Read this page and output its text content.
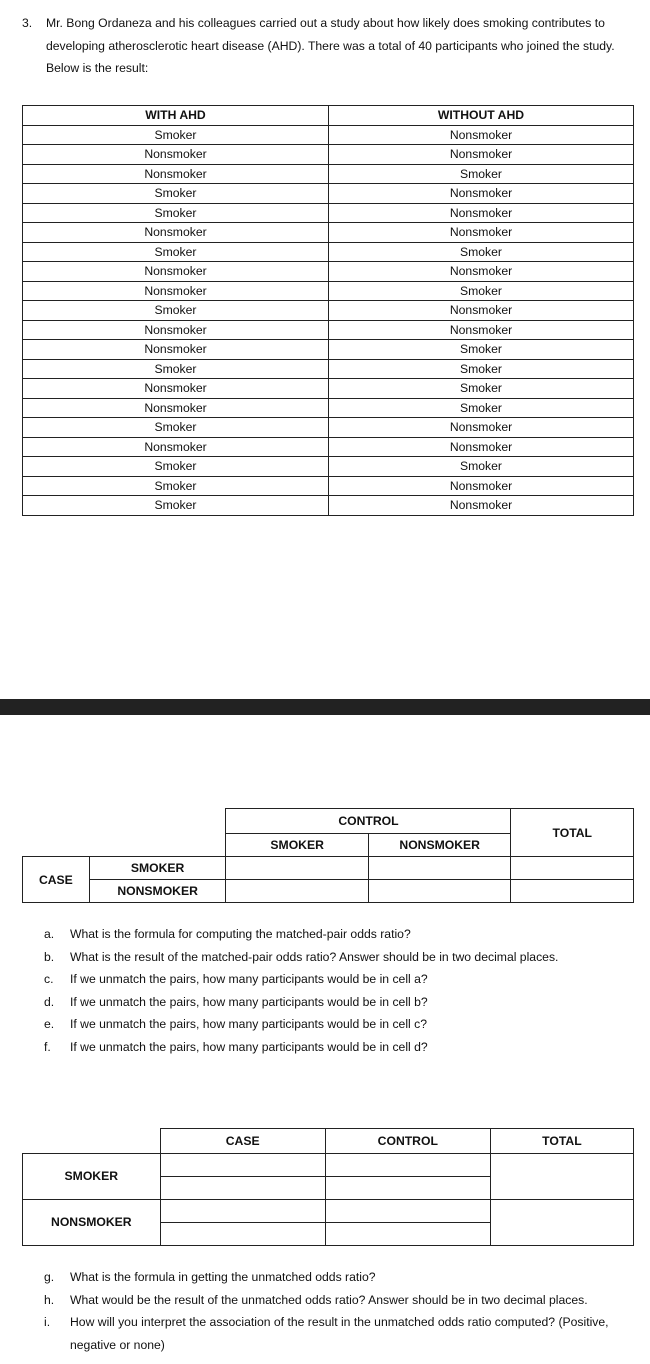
3. Mr. Bong Ordaneza and his colleagues carried out a study about how likely does smoking contributes to developing atherosclerotic heart disease (AHD). There was a total of 40 participants who joined the study. Below is the result:
WITH AHD	WITHOUT AHD
Smoker	Nonsmoker
Nonsmoker	Nonsmoker
Nonsmoker	Smoker
Smoker	Nonsmoker
Smoker	Nonsmoker
Nonsmoker	Nonsmoker
Smoker	Smoker
Nonsmoker	Nonsmoker
Nonsmoker	Smoker
Smoker	Nonsmoker
Nonsmoker	Nonsmoker
Nonsmoker	Smoker
Smoker	Smoker
Nonsmoker	Smoker
Nonsmoker	Smoker
Smoker	Nonsmoker
Nonsmoker	Nonsmoker
Smoker	Smoker
Smoker	Nonsmoker
Smoker	Nonsmoker
		CONTROL		TOTAL
		SMOKER	NONSMOKER	
CASE	SMOKER			
	NONSMOKER			
a. What is the formula for computing the matched-pair odds ratio?
b. What is the result of the matched-pair odds ratio? Answer should be in two decimal places.
c. If we unmatch the pairs, how many participants would be in cell a?
d. If we unmatch the pairs, how many participants would be in cell b?
e. If we unmatch the pairs, how many participants would be in cell c?
f. If we unmatch the pairs, how many participants would be in cell d?
	CASE	CONTROL	TOTAL
SMOKER			

NONSMOKER			

g. What is the formula in getting the unmatched odds ratio?
h. What would be the result of the unmatched odds ratio? Answer should be in two decimal places.
i. How will you interpret the association of the result in the unmatched odds ratio computed? (Positive, negative or none)
